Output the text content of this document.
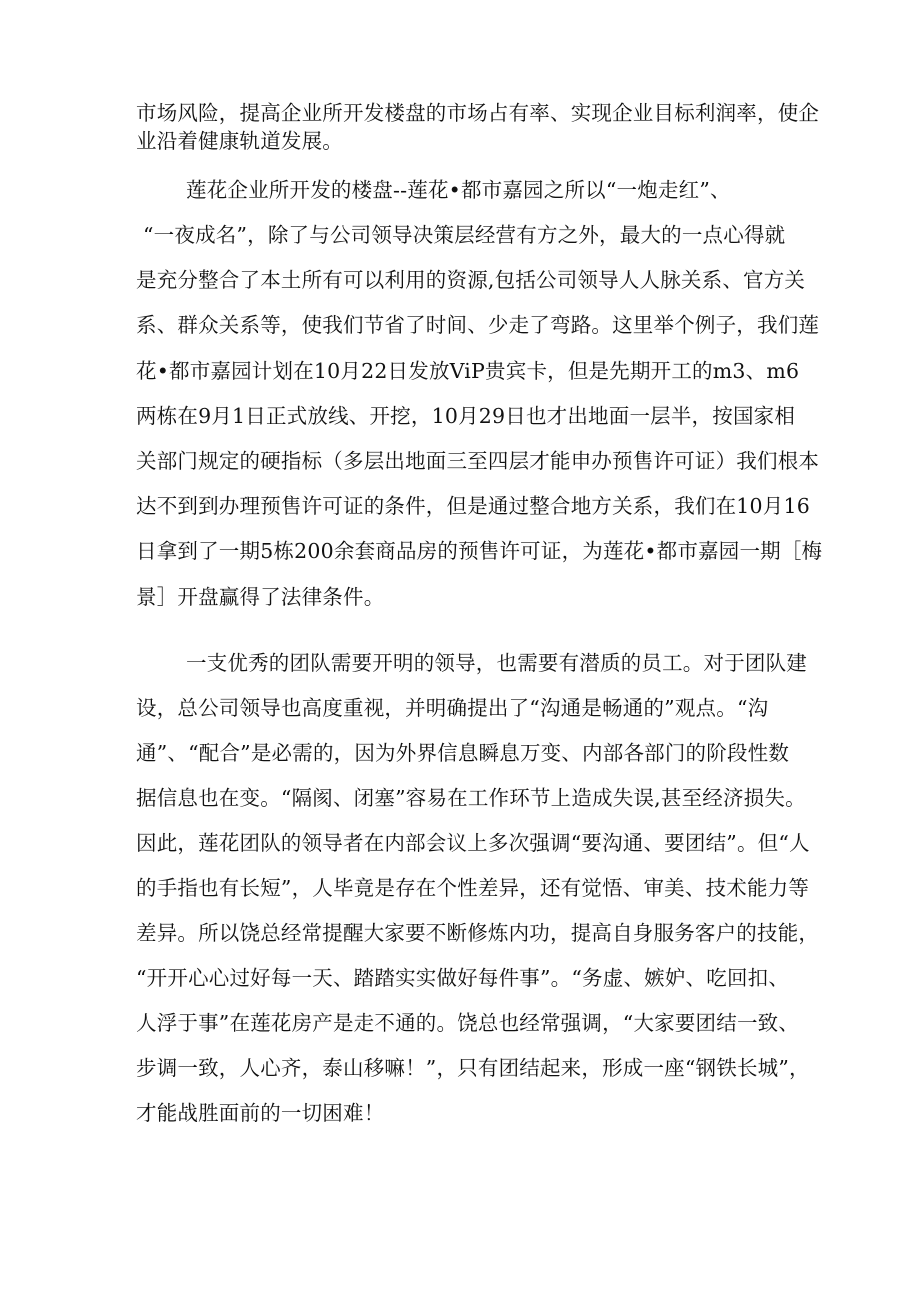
市场风险，提高企业所开发楼盘的市场占有率、实现企业目标利润率，使企
业沿着健康轨道发展。
莲花企业所开发的楼盘--莲花•都市嘉园之所以“一炮走红”、
“一夜成名”，除了与公司领导决策层经营有方之外，最大的一点心得就
是充分整合了本土所有可以利用的资源,包括公司领导人人脉关系、官方关
系、群众关系等，使我们节省了时间、少走了弯路。这里举个例子，我们莲
花•都市嘉园计划在10月22日发放ViP贵宾卡，但是先期开工的m3、m6
两栋在9月1日正式放线、开挖，10月29日也才出地面一层半，按国家相
关部门规定的硬指标（多层出地面三至四层才能申办预售许可证）我们根本
达不到到办理预售许可证的条件，但是通过整合地方关系，我们在10月16
日拿到了一期5栋200余套商品房的预售许可证，为莲花•都市嘉园一期［梅
景］开盘赢得了法律条件。
一支优秀的团队需要开明的领导，也需要有潜质的员工。对于团队建
设，总公司领导也高度重视，并明确提出了“沟通是畅通的”观点。“沟
通”、“配合”是必需的，因为外界信息瞬息万变、内部各部门的阶段性数
据信息也在变。“隔阂、闭塞”容易在工作环节上造成失误,甚至经济损失。
因此，莲花团队的领导者在内部会议上多次强调“要沟通、要团结”。但“人
的手指也有长短”，人毕竟是存在个性差异，还有觉悟、审美、技术能力等
差异。所以饶总经常提醒大家要不断修炼内功，提高自身服务客户的技能，
“开开心心过好每一天、踏踏实实做好每件事”。“务虚、嫉妒、吃回扣、
人浮于事”在莲花房产是走不通的。饶总也经常强调，“大家要团结一致、
步调一致，人心齐，泰山移嘛！”，只有团结起来，形成一座“钢铁长城”，
才能战胜面前的一切困难！
